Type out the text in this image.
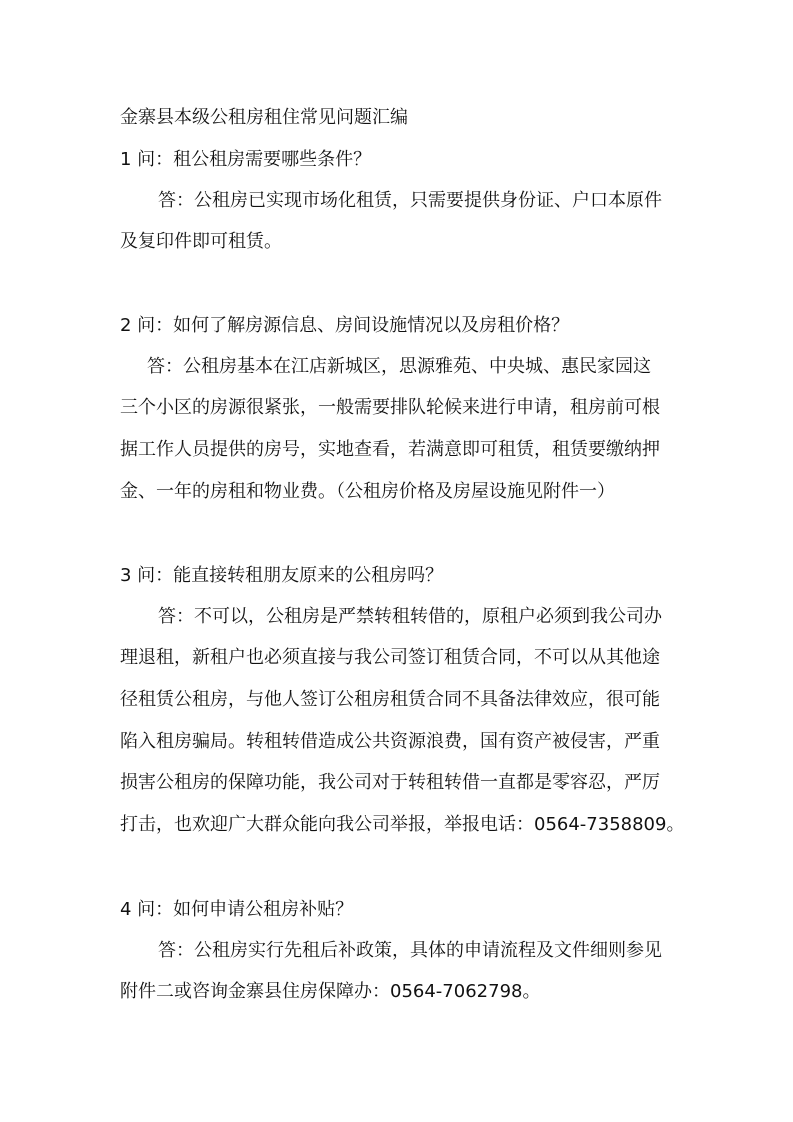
金寨县本级公租房租住常见问题汇编
1 问：租公租房需要哪些条件？
答：公租房已实现市场化租赁，只需要提供身份证、户口本原件
及复印件即可租赁。
2 问：如何了解房源信息、房间设施情况以及房租价格？
答：公租房基本在江店新城区，思源雅苑、中央城、惠民家园这
三个小区的房源很紧张，一般需要排队轮候来进行申请，租房前可根
据工作人员提供的房号，实地查看，若满意即可租赁，租赁要缴纳押
金、一年的房租和物业费。（公租房价格及房屋设施见附件一）
3 问：能直接转租朋友原来的公租房吗？
答：不可以，公租房是严禁转租转借的，原租户必须到我公司办
理退租，新租户也必须直接与我公司签订租赁合同，不可以从其他途
径租赁公租房，与他人签订公租房租赁合同不具备法律效应，很可能
陷入租房骗局。转租转借造成公共资源浪费，国有资产被侵害，严重
损害公租房的保障功能，我公司对于转租转借一直都是零容忍，严厉
打击，也欢迎广大群众能向我公司举报，举报电话：0564-7358809。
4 问：如何申请公租房补贴？
答：公租房实行先租后补政策，具体的申请流程及文件细则参见
附件二或咨询金寨县住房保障办：0564-7062798。
